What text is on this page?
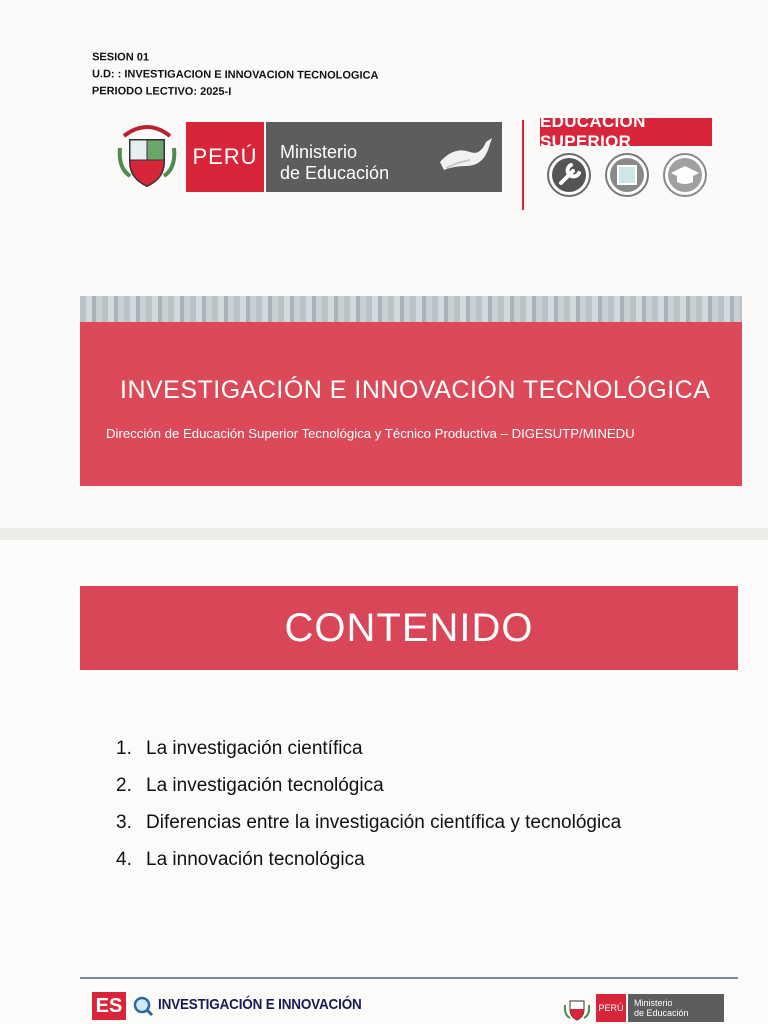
SESION 01
U.D: : INVESTIGACION E INNOVACION TECNOLOGICA
PERIODO LECTIVO: 2025-I
PERÚ	Ministerio
de Educación
EDUCACIÓN SUPERIOR
INVESTIGACIÓN E INNOVACIÓN TECNOLÓGICA
Dirección de Educación Superior Tecnológica y Técnico Productiva – DIGESUTP/MINEDU
CONTENIDO
1. La investigación científica
2. La investigación tecnológica
3. Diferencias entre la investigación científica y tecnológica
4. La innovación tecnológica
ES INVESTIGACIÓN E INNOVACIÓN	PERÚ Ministerio
de Educación
